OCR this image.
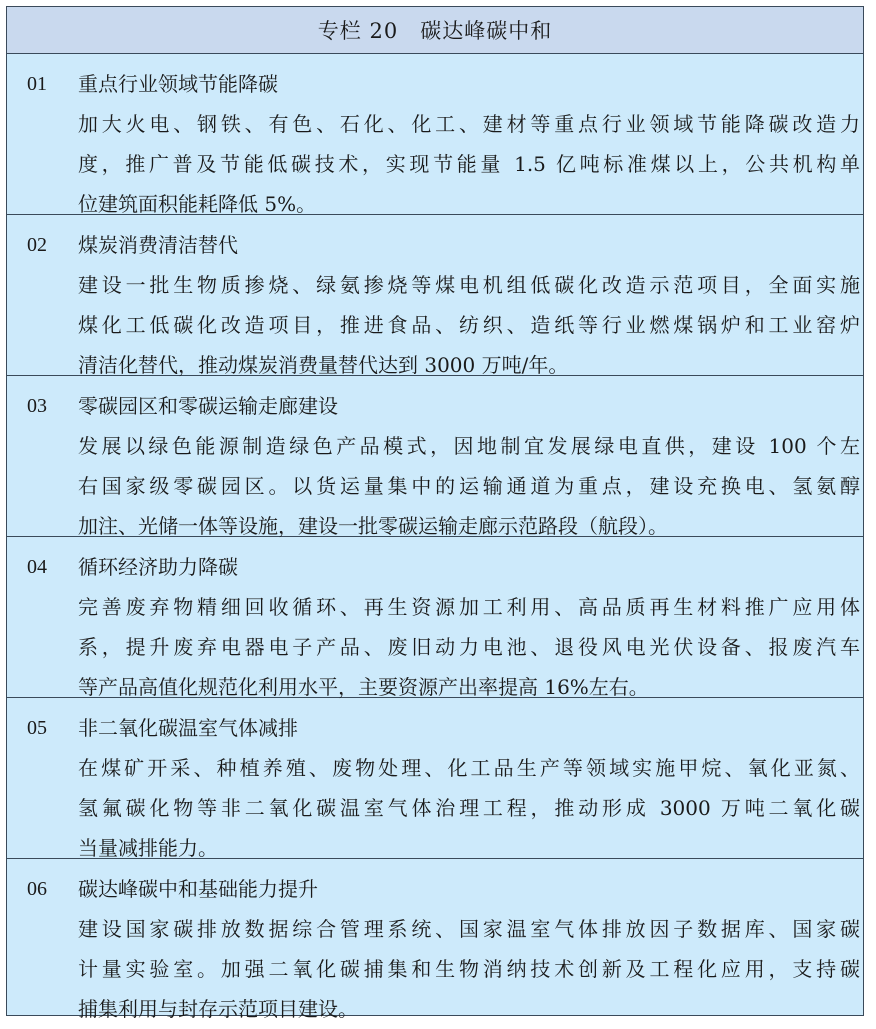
专栏 20　碳达峰碳中和
01 重点行业领域节能降碳
加大火电、钢铁、有色、石化、化工、建材等重点行业领域节能降碳改造力
度，推广普及节能低碳技术，实现节能量 1.5 亿吨标准煤以上，公共机构单
位建筑面积能耗降低 5%。
02 煤炭消费清洁替代
建设一批生物质掺烧、绿氨掺烧等煤电机组低碳化改造示范项目，全面实施
煤化工低碳化改造项目，推进食品、纺织、造纸等行业燃煤锅炉和工业窑炉
清洁化替代，推动煤炭消费量替代达到 3000 万吨/年。
03 零碳园区和零碳运输走廊建设
发展以绿色能源制造绿色产品模式，因地制宜发展绿电直供，建设 100 个左
右国家级零碳园区。以货运量集中的运输通道为重点，建设充换电、氢氨醇
加注、光储一体等设施，建设一批零碳运输走廊示范路段（航段）。
04 循环经济助力降碳
完善废弃物精细回收循环、再生资源加工利用、高品质再生材料推广应用体
系，提升废弃电器电子产品、废旧动力电池、退役风电光伏设备、报废汽车
等产品高值化规范化利用水平，主要资源产出率提高 16%左右。
05 非二氧化碳温室气体减排
在煤矿开采、种植养殖、废物处理、化工品生产等领域实施甲烷、氧化亚氮、
氢氟碳化物等非二氧化碳温室气体治理工程，推动形成 3000 万吨二氧化碳
当量减排能力。
06 碳达峰碳中和基础能力提升
建设国家碳排放数据综合管理系统、国家温室气体排放因子数据库、国家碳
计量实验室。加强二氧化碳捕集和生物消纳技术创新及工程化应用，支持碳
捕集利用与封存示范项目建设。
